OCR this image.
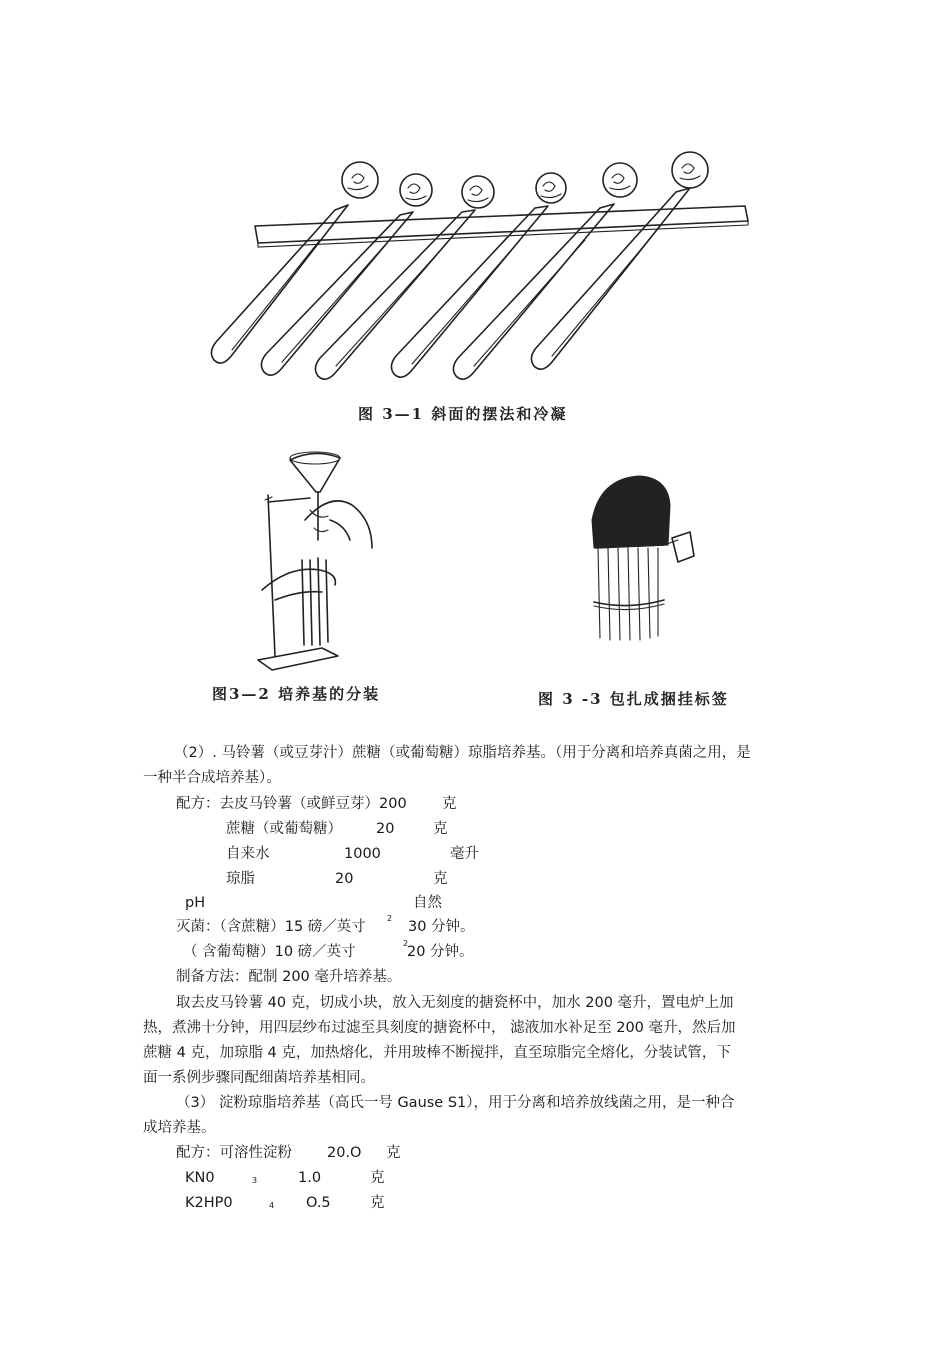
图 3—1 斜面的摆法和冷凝
图3—2 培养基的分装	图 3 -3 包扎成捆挂标签
（2）. 马铃薯（或豆芽汁）蔗糖（或葡萄糖）琼脂培养基。（用于分离和培养真菌之用，是
一种半合成培养基）。
配方：去皮马铃薯（或鲜豆芽）200 克
蔗糖（或葡萄糖） 20	克
自来水	1000	毫升
琼脂	20	克
pH	自然
灭菌：（含蔗糖）15 磅／英寸
2
30 分钟。
（ 含葡萄糖）10 磅／英寸
2
20 分钟。
制备方法：配制 200 毫升培养基。
取去皮马铃薯 40 克，切成小块，放入无刻度的搪瓷杯中，加水 200 毫升，置电炉上加
热，煮沸十分钟，用四层纱布过滤至具刻度的搪瓷杯中， 滤液加水补足至 200 毫升，然后加
蔗糖 4 克，加琼脂 4 克，加热熔化，并用玻棒不断搅拌，直至琼脂完全熔化，分装试管，下
面一系例步骤同配细菌培养基相同。
（3） 淀粉琼脂培养基（高氏一号 Gause S1），用于分离和培养放线菌之用，是一种合
成培养基。
配方：可溶性淀粉 20.O 克
KN0	3	1.0	克
K2HP0	4 O.5	克
